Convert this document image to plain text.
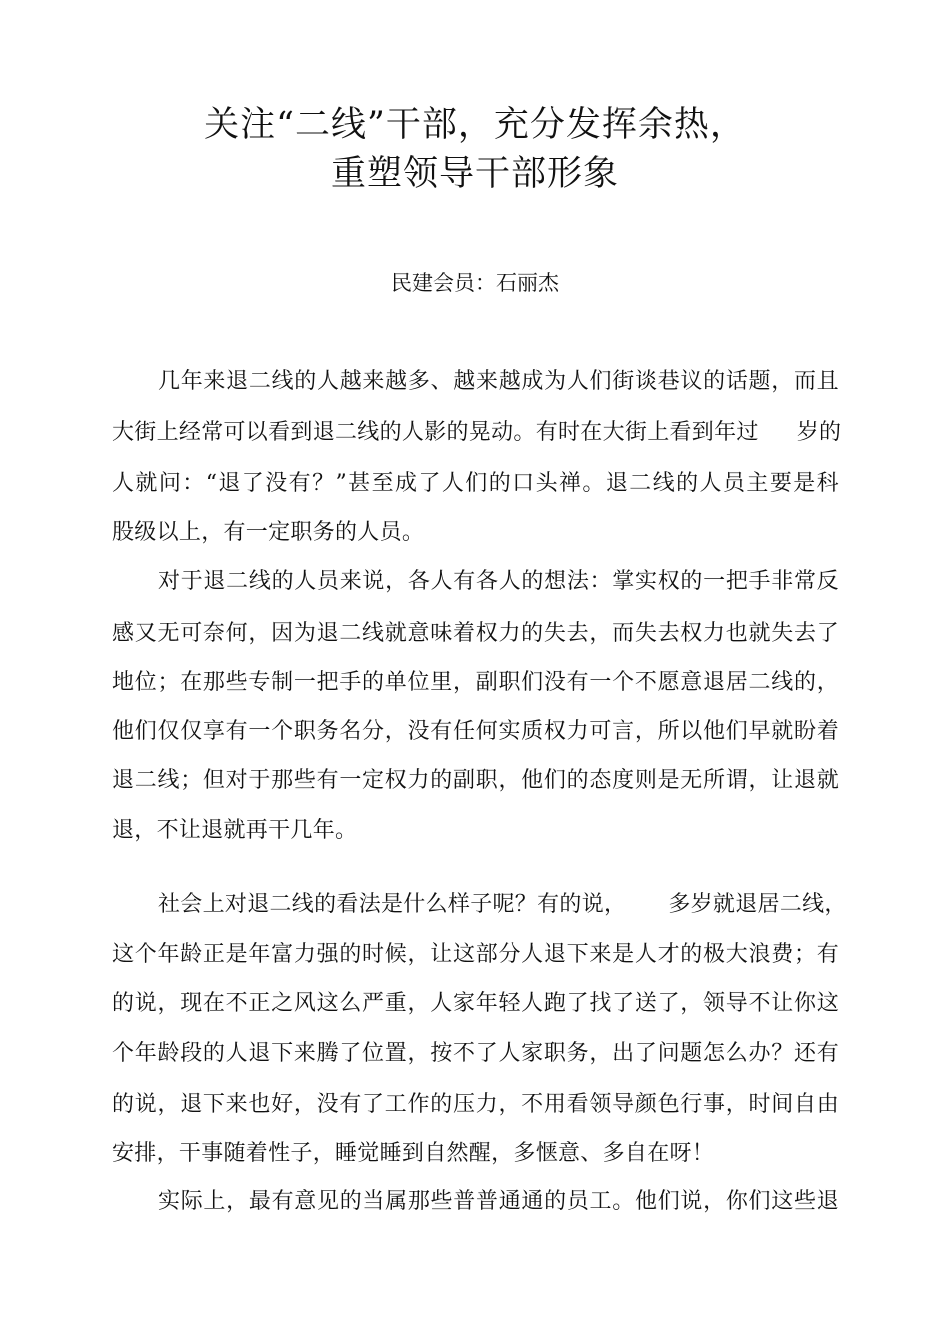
关注“二线”干部，充分发挥余热，
重塑领导干部形象
民建会员：石丽杰
几年来退二线的人越来越多、越来越成为人们街谈巷议的话题，而且
大街上经常可以看到退二线的人影的晃动。有时在大街上看到年过 岁的
人就问：“退了没有？”甚至成了人们的口头禅。退二线的人员主要是科
股级以上，有一定职务的人员。
对于退二线的人员来说，各人有各人的想法：掌实权的一把手非常反
感又无可奈何，因为退二线就意味着权力的失去，而失去权力也就失去了
地位；在那些专制一把手的单位里，副职们没有一个不愿意退居二线的，
他们仅仅享有一个职务名分，没有任何实质权力可言，所以他们早就盼着
退二线；但对于那些有一定权力的副职，他们的态度则是无所谓，让退就
退，不让退就再干几年。
社会上对退二线的看法是什么样子呢？有的说， 多岁就退居二线，
这个年龄正是年富力强的时候，让这部分人退下来是人才的极大浪费；有
的说，现在不正之风这么严重，人家年轻人跑了找了送了，领导不让你这
个年龄段的人退下来腾了位置，按不了人家职务，出了问题怎么办？还有
的说，退下来也好，没有了工作的压力，不用看领导颜色行事，时间自由
安排，干事随着性子，睡觉睡到自然醒，多惬意、多自在呀！
实际上，最有意见的当属那些普普通通的员工。他们说，你们这些退
